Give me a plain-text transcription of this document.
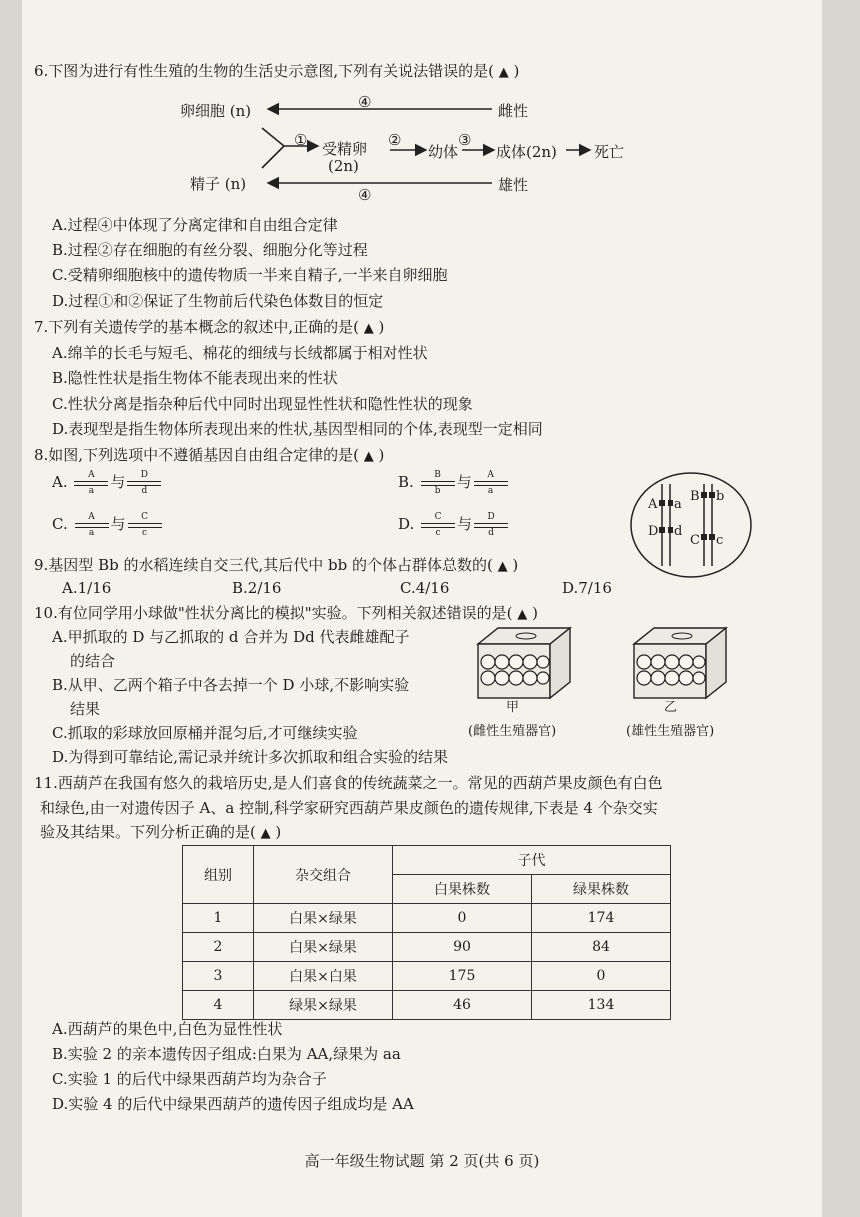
6.下图为进行有性生殖的生物的生活史示意图,下列有关说法错误的是( ▲ )
卵细胞 (n)	④	雌性
① 受精卵
(2n)
②
幼体
③
成体(2n) 死亡
精子 (n)	雄性
④
A.过程④中体现了分离定律和自由组合定律
B.过程②存在细胞的有丝分裂、细胞分化等过程
C.受精卵细胞核中的遗传物质一半来自精子,一半来自卵细胞
D.过程①和②保证了生物前后代染色体数目的恒定
7.下列有关遗传学的基本概念的叙述中,正确的是( ▲ )
A.绵羊的长毛与短毛、棉花的细绒与长绒都属于相对性状
B.隐性性状是指生物体不能表现出来的性状
C.性状分离是指杂种后代中同时出现显性性状和隐性性状的现象
D.表现型是指生物体所表现出来的性状,基因型相同的个体,表现型一定相同
8.如图,下列选项中不遵循基因自由组合定律的是( ▲ )
A. A
a 与 D
d	B. B
b 与 A
a
C. A
a 与 C
c	D. C
c 与 D
d
A a
D d
B b
C c
9.基因型 Bb 的水稻连续自交三代,其后代中 bb 的个体占群体总数的( ▲ )
A.1/16	B.2/16	C.4/16	D.7/16
10.有位同学用小球做"性状分离比的模拟"实验。下列相关叙述错误的是( ▲ )
A.甲抓取的 D 与乙抓取的 d 合并为 Dd 代表雌雄配子
的结合
B.从甲、乙两个箱子中各去掉一个 D 小球,不影响实验
结果
C.抓取的彩球放回原桶并混匀后,才可继续实验
D.为得到可靠结论,需记录并统计多次抓取和组合实验的结果
甲
(雌性生殖器官)
乙
(雄性生殖器官)
11.西葫芦在我国有悠久的栽培历史,是人们喜食的传统蔬菜之一。常见的西葫芦果皮颜色有白色
和绿色,由一对遗传因子 A、a 控制,科学家研究西葫芦果皮颜色的遗传规律,下表是 4 个杂交实
验及其结果。下列分析正确的是( ▲ )
组别	杂交组合	子代	
		白果株数	绿果株数
1	白果×绿果	0	174
2	白果×绿果	90	84
3	白果×白果	175	0
4	绿果×绿果	46	134
A.西葫芦的果色中,白色为显性性状
B.实验 2 的亲本遗传因子组成:白果为 AA,绿果为 aa
C.实验 1 的后代中绿果西葫芦均为杂合子
D.实验 4 的后代中绿果西葫芦的遗传因子组成均是 AA
高一年级生物试题 第 2 页(共 6 页)
